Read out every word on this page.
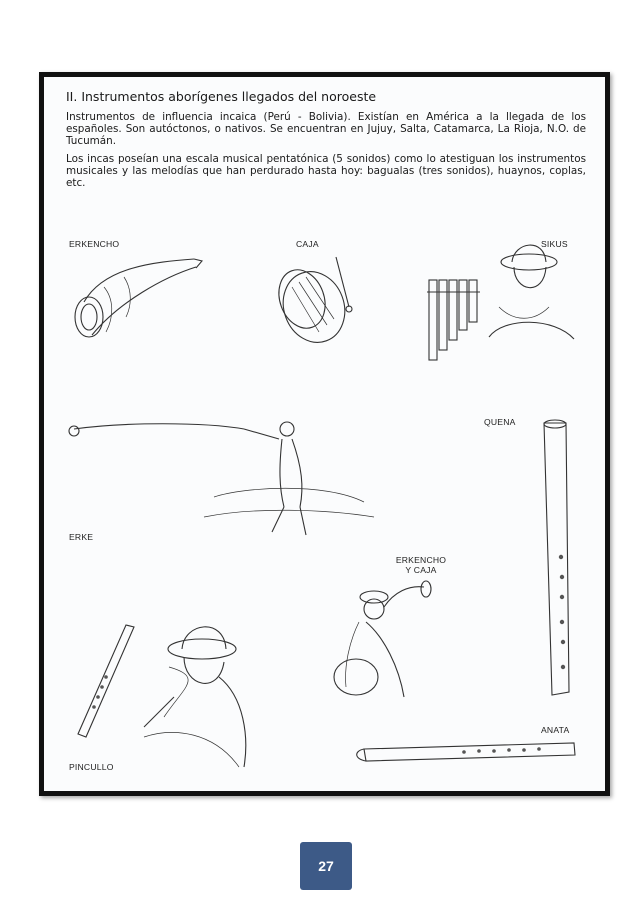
II. Instrumentos aborígenes llegados del noroeste
Instrumentos de influencia incaica (Perú - Bolivia). Existían en América a la llegada de los españoles. Son autóctonos, o nativos. Se encuentran en Jujuy, Salta, Catamarca, La Rioja, N.O. de Tucumán.
Los incas poseían una escala musical pentatónica (5 sonidos) como lo atestiguan los instrumentos musicales y las melodías que han perdurado hasta hoy: bagualas (tres sonidos), huaynos, coplas, etc.
ERKENCHO	CAJA	SIKUS
QUENA
ERKE
ERKENCHO
Y CAJA
ANATA
PINCULLO
27
